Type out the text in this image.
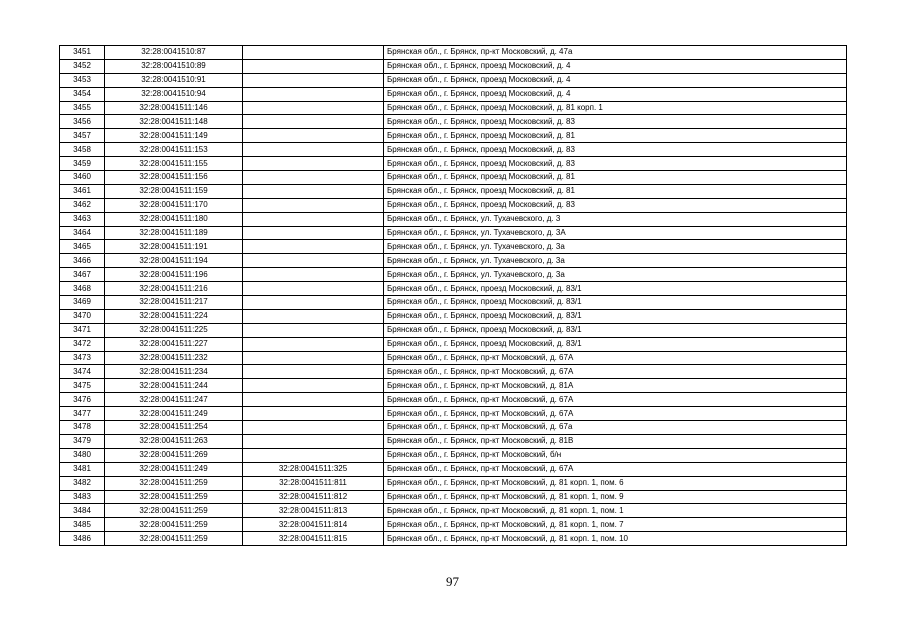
3451	32:28:0041510:87		Брянская обл., г. Брянск, пр-кт Московский, д. 47а
3452	32:28:0041510:89		Брянская обл., г. Брянск, проезд Московский, д. 4
3453	32:28:0041510:91		Брянская обл., г. Брянск, проезд Московский, д. 4
3454	32:28:0041510:94		Брянская обл., г. Брянск, проезд Московский, д. 4
3455	32:28:0041511:146		Брянская обл., г. Брянск, проезд Московский, д. 81 корп. 1
3456	32:28:0041511:148		Брянская обл., г. Брянск, проезд Московский, д. 83
3457	32:28:0041511:149		Брянская обл., г. Брянск, проезд Московский, д. 81
3458	32:28:0041511:153		Брянская обл., г. Брянск, проезд Московский, д. 83
3459	32:28:0041511:155		Брянская обл., г. Брянск, проезд Московский, д. 83
3460	32:28:0041511:156		Брянская обл., г. Брянск, проезд Московский, д. 81
3461	32:28:0041511:159		Брянская обл., г. Брянск, проезд Московский, д. 81
3462	32:28:0041511:170		Брянская обл., г. Брянск, проезд Московский, д. 83
3463	32:28:0041511:180		Брянская обл., г. Брянск, ул. Тухачевского, д. 3
3464	32:28:0041511:189		Брянская обл., г. Брянск, ул. Тухачевского, д. 3А
3465	32:28:0041511:191		Брянская обл., г. Брянск, ул. Тухачевского, д. 3а
3466	32:28:0041511:194		Брянская обл., г. Брянск, ул. Тухачевского, д. 3а
3467	32:28:0041511:196		Брянская обл., г. Брянск, ул. Тухачевского, д. 3а
3468	32:28:0041511:216		Брянская обл., г. Брянск, проезд Московский, д. 83/1
3469	32:28:0041511:217		Брянская обл., г. Брянск, проезд Московский, д. 83/1
3470	32:28:0041511:224		Брянская обл., г. Брянск, проезд Московский, д. 83/1
3471	32:28:0041511:225		Брянская обл., г. Брянск, проезд Московский, д. 83/1
3472	32:28:0041511:227		Брянская обл., г. Брянск, проезд Московский, д. 83/1
3473	32:28:0041511:232		Брянская обл., г. Брянск, пр-кт Московский, д. 67А
3474	32:28:0041511:234		Брянская обл., г. Брянск, пр-кт Московский, д. 67А
3475	32:28:0041511:244		Брянская обл., г. Брянск, пр-кт Московский, д. 81А
3476	32:28:0041511:247		Брянская обл., г. Брянск, пр-кт Московский, д. 67А
3477	32:28:0041511:249		Брянская обл., г. Брянск, пр-кт Московский, д. 67А
3478	32:28:0041511:254		Брянская обл., г. Брянск, пр-кт Московский, д. 67а
3479	32:28:0041511:263		Брянская обл., г. Брянск, пр-кт Московский, д. 81В
3480	32:28:0041511:269		Брянская обл., г. Брянск, пр-кт Московский, б/н
3481	32:28:0041511:249	32:28:0041511:325	Брянская обл., г. Брянск, пр-кт Московский, д. 67А
3482	32:28:0041511:259	32:28:0041511:811	Брянская обл., г. Брянск, пр-кт Московский, д. 81 корп. 1, пом. 6
3483	32:28:0041511:259	32:28:0041511:812	Брянская обл., г. Брянск, пр-кт Московский, д. 81 корп. 1, пом. 9
3484	32:28:0041511:259	32:28:0041511:813	Брянская обл., г. Брянск, пр-кт Московский, д. 81 корп. 1, пом. 1
3485	32:28:0041511:259	32:28:0041511:814	Брянская обл., г. Брянск, пр-кт Московский, д. 81 корп. 1, пом. 7
3486	32:28:0041511:259	32:28:0041511:815	Брянская обл., г. Брянск, пр-кт Московский, д. 81 корп. 1, пом. 10
97
